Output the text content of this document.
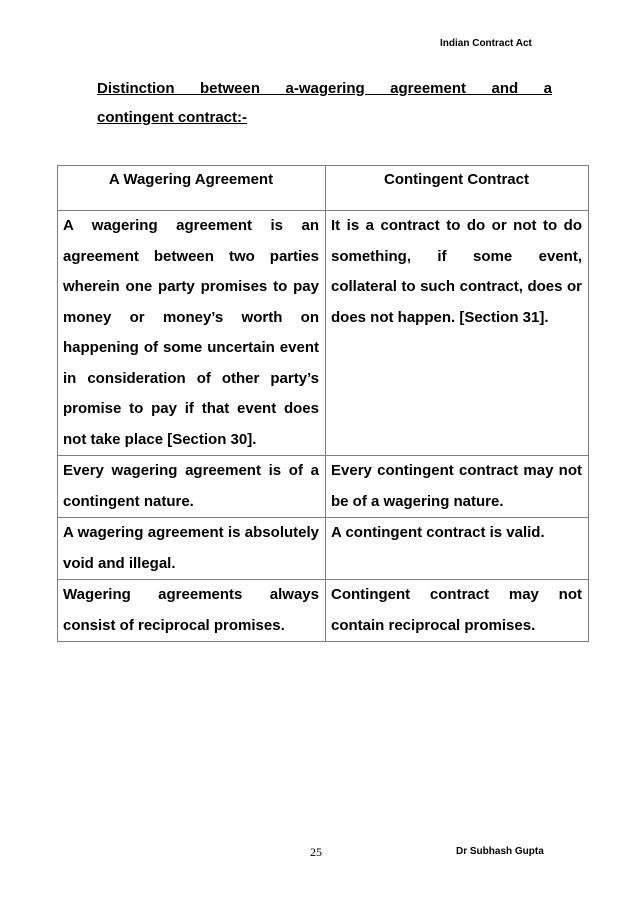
Indian Contract Act
Distinction between a-wagering agreement and a
contingent contract:-
A Wagering Agreement	Contingent Contract
A wagering agreement is an agreement between two parties wherein one party promises to pay money or money’s worth on happening of some uncertain event in consideration of other party’s promise to pay if that event does not take place [Section 30].	It is a contract to do or not to do something, if some event, collateral to such contract, does or does not happen. [Section 31].
Every wagering agreement is of a contingent nature.	Every contingent contract may not be of a wagering nature.
A wagering agreement is absolutely void and illegal.	A contingent contract is valid.
Wagering agreements always consist of reciprocal promises.	Contingent contract may not contain reciprocal promises.
25	Dr Subhash Gupta
